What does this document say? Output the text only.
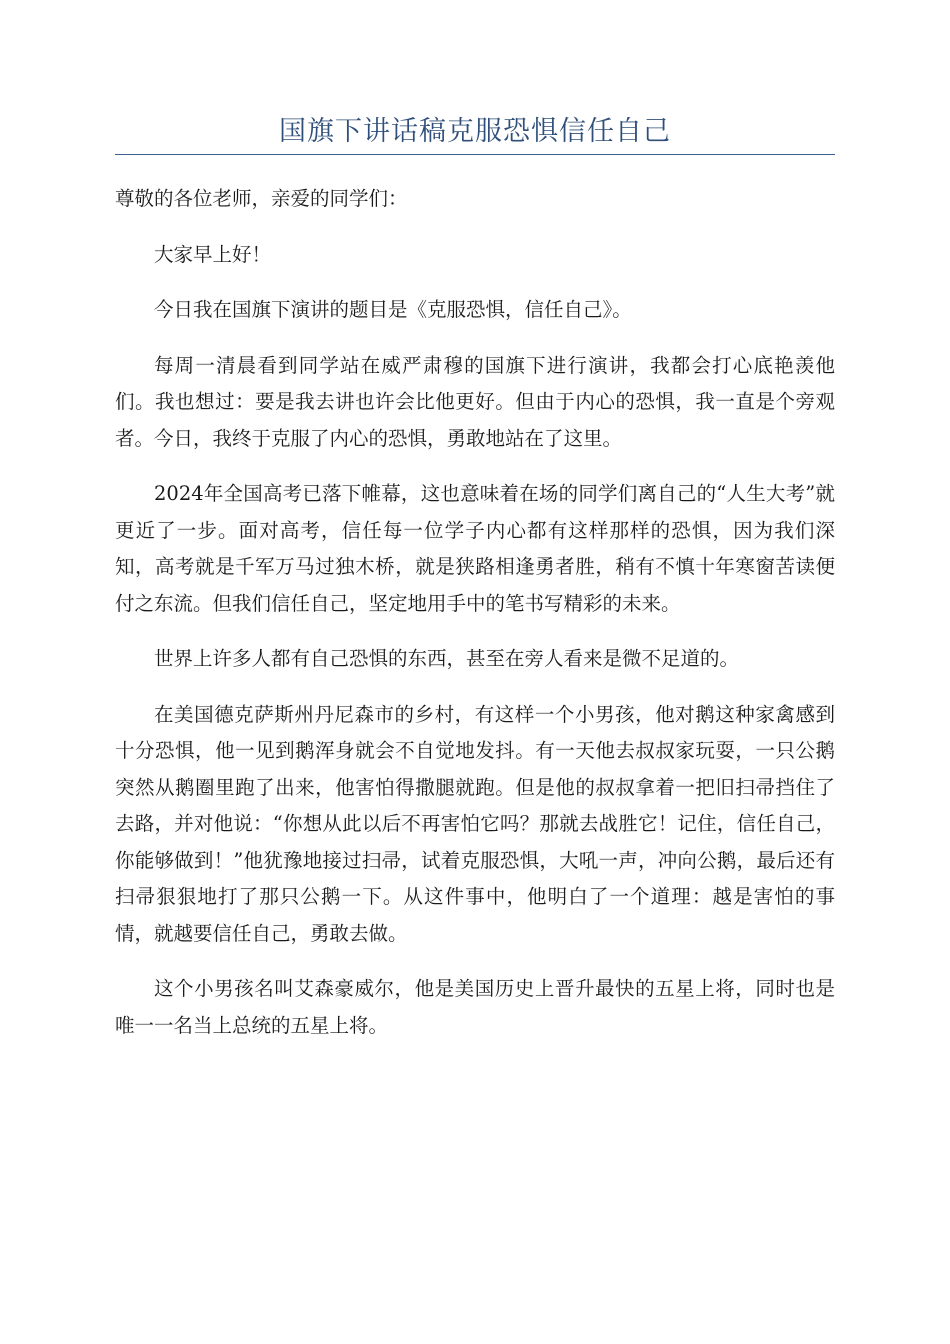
国旗下讲话稿克服恐惧信任自己

尊敬的各位老师，亲爱的同学们：

大家早上好！

今日我在国旗下演讲的题目是《克服恐惧，信任自己》。

每周一清晨看到同学站在威严肃穆的国旗下进行演讲，我都会打心底艳羡他们。我也想过：要是我去讲也许会比他更好。但由于内心的恐惧，我一直是个旁观者。今日，我终于克服了内心的恐惧，勇敢地站在了这里。

2024年全国高考已落下帷幕，这也意味着在场的同学们离自己的“人生大考”就更近了一步。面对高考，信任每一位学子内心都有这样那样的恐惧，因为我们深知，高考就是千军万马过独木桥，就是狭路相逢勇者胜，稍有不慎十年寒窗苦读便付之东流。但我们信任自己，坚定地用手中的笔书写精彩的未来。

世界上许多人都有自己恐惧的东西，甚至在旁人看来是微不足道的。

在美国德克萨斯州丹尼森市的乡村，有这样一个小男孩，他对鹅这种家禽感到十分恐惧，他一见到鹅浑身就会不自觉地发抖。有一天他去叔叔家玩耍，一只公鹅突然从鹅圈里跑了出来，他害怕得撒腿就跑。但是他的叔叔拿着一把旧扫帚挡住了去路，并对他说：“你想从此以后不再害怕它吗？那就去战胜它！记住，信任自己，你能够做到！”他犹豫地接过扫帚，试着克服恐惧，大吼一声，冲向公鹅，最后还有扫帚狠狠地打了那只公鹅一下。从这件事中，他明白了一个道理：越是害怕的事情，就越要信任自己，勇敢去做。

这个小男孩名叫艾森豪威尔，他是美国历史上晋升最快的五星上将，同时也是唯一一名当上总统的五星上将。
